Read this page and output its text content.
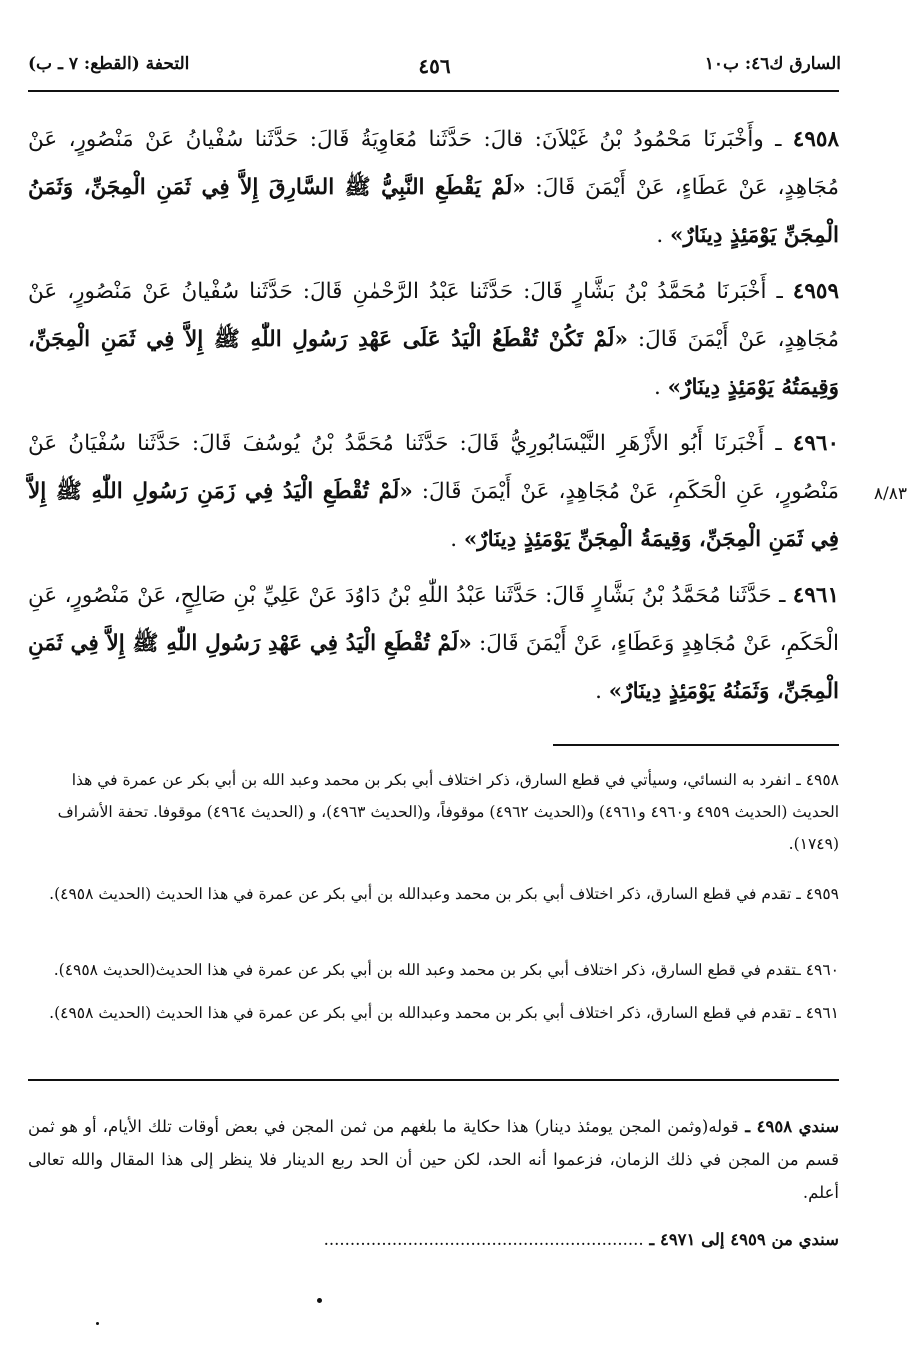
السارق ك٤٦: ب١٠
٤٥٦
التحفة (القطع: ٧ ـ ب)
٤٩٥٨ ـ وأَخْبَرنَا مَحْمُودُ بْنُ غَيْلاَنَ: قالَ: حَدَّثَنا مُعَاوِيَةُ قَالَ: حَدَّثَنا سُفْيانُ عَنْ مَنْصُورٍ، عَنْ مُجَاهِدٍ، عَنْ عَطَاءٍ، عَنْ أَيْمَنَ قَالَ: «لَمْ يَقْطَعِ النَّبِيُّ ﷺ السَّارِقَ إِلاَّ فِي ثَمَنِ الْمِجَنِّ، وَثَمَنُ الْمِجَنِّ يَوْمَئِذٍ دِينَارٌ» .
٤٩٥٩ ـ أَخْبَرنَا مُحَمَّدُ بْنُ بَشَّارٍ قَالَ: حَدَّثَنا عَبْدُ الرَّحْمٰنِ قَالَ: حَدَّثَنا سُفْيانُ عَنْ مَنْصُورٍ، عَنْ مُجَاهِدٍ، عَنْ أَيْمَنَ قَالَ: «لَمْ تَكُنْ تُقْطَعُ الْيَدُ عَلَى عَهْدِ رَسُولِ اللّٰهِ ﷺ إِلاَّ فِي ثَمَنِ الْمِجَنِّ، وَقِيمَتُهُ يَوْمَئِذٍ دِينَارٌ» .
٤٩٦٠ ـ أَخْبَرنَا أَبُو الأَزْهَرِ النَّيْسَابُورِيُّ قَالَ: حَدَّثَنا مُحَمَّدُ بْنُ يُوسُفَ قَالَ: حَدَّثَنا سُفْيَانُ عَنْ مَنْصُورٍ، عَنِ الْحَكَمِ، عَنْ مُجَاهِدٍ، عَنْ أَيْمَنَ قَالَ: «لَمْ تُقْطَعِ الْيَدُ فِي زَمَنِ رَسُولِ اللّٰهِ ﷺ إِلاَّ فِي ثَمَنِ الْمِجَنِّ، وَقِيمَةُ الْمِجَنِّ يَوْمَئِذٍ دِينَارٌ» .
٨/٨٣
٤٩٦١ ـ حَدَّثَنا مُحَمَّدُ بْنُ بَشَّارٍ قَالَ: حَدَّثَنا عَبْدُ اللّٰهِ بْنُ دَاوُدَ عَنْ عَلِيِّ بْنِ صَالِحٍ، عَنْ مَنْصُورٍ، عَنِ الْحَكَمِ، عَنْ مُجَاهِدٍ وَعَطَاءٍ، عَنْ أَيْمَنَ قَالَ: «لَمْ تُقْطَعِ الْيَدُ فِي عَهْدِ رَسُولِ اللّٰهِ ﷺ إِلاَّ فِي ثَمَنِ الْمِجَنِّ، وَثَمَنُهُ يَوْمَئِذٍ دِينَارٌ» .
٤٩٥٨ ـ انفرد به النسائي، وسيأتي في قطع السارق، ذكر اختلاف أبي بكر بن محمد وعبد الله بن أبي بكر عن عمرة في هذا الحديث (الحديث ٤٩٥٩ و٤٩٦٠ و٤٩٦١) و(الحديث ٤٩٦٢) موقوفاً، و(الحديث ٤٩٦٣)، و (الحديث ٤٩٦٤) موقوفا. تحفة الأشراف (١٧٤٩).
٤٩٥٩ ـ تقدم في قطع السارق، ذكر اختلاف أبي بكر بن محمد وعبدالله بن أبي بكر عن عمرة في هذا الحديث (الحديث ٤٩٥٨).
٤٩٦٠ ـتقدم في قطع السارق، ذكر اختلاف أبي بكر بن محمد وعبد الله بن أبي بكر عن عمرة في هذا الحديث(الحديث ٤٩٥٨).
٤٩٦١ ـ تقدم في قطع السارق، ذكر اختلاف أبي بكر بن محمد وعبدالله بن أبي بكر عن عمرة في هذا الحديث (الحديث ٤٩٥٨).
سندي ٤٩٥٨ ـ قوله(وثمن المجن يومئذ دينار) هذا حكاية ما بلغهم من ثمن المجن في بعض أوقات تلك الأيام، أو هو ثمن قسم من المجن في ذلك الزمان، فزعموا أنه الحد، لكن حين أن الحد ربع الدينار فلا ينظر إلى هذا المقال والله تعالى أعلم.
سندي من ٤٩٥٩ إلى ٤٩٧١ ـ .............................................................
